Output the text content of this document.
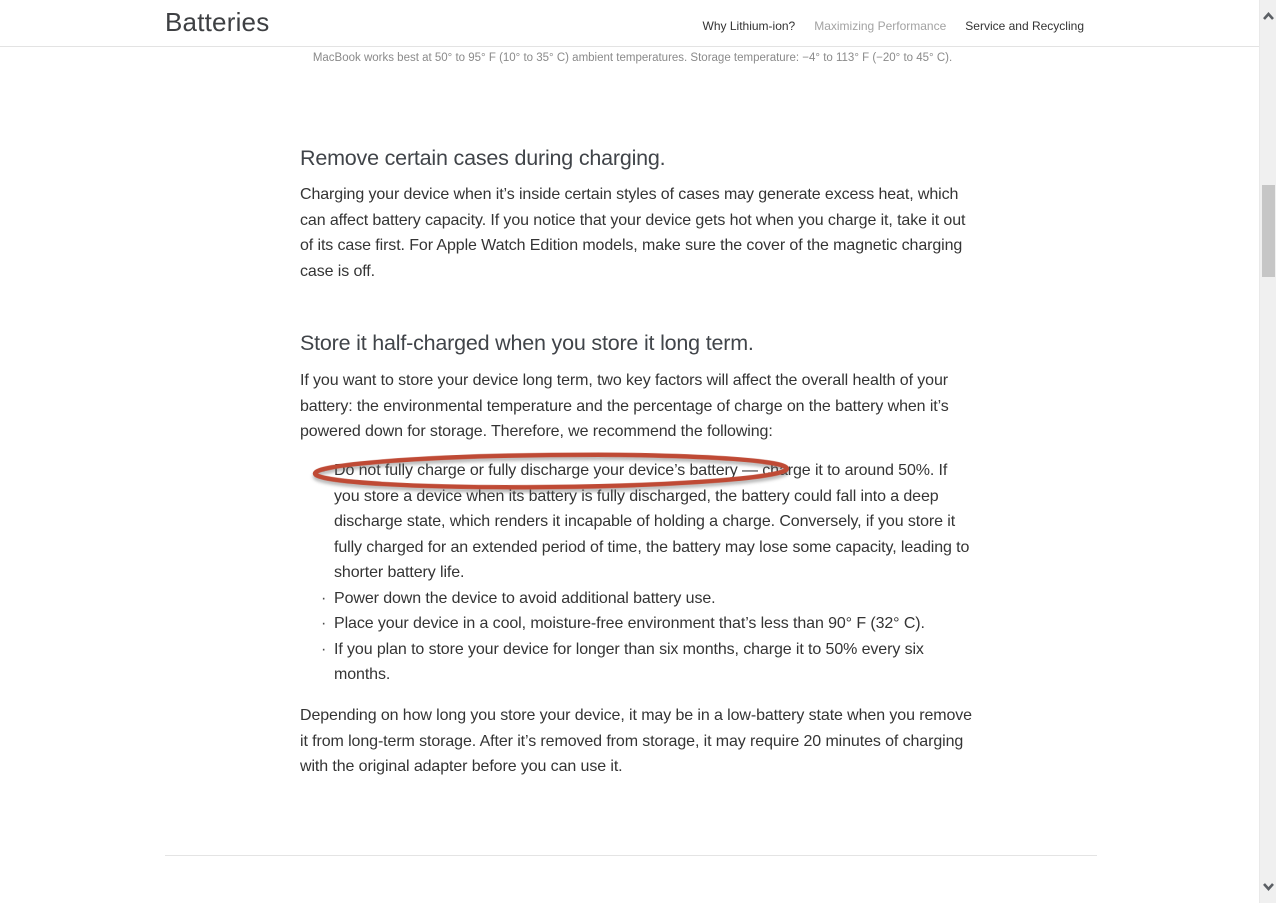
Batteries	Why Lithium-ion? Maximizing Performance Service and Recycling
MacBook works best at 50° to 95° F (10° to 35° C) ambient temperatures. Storage temperature: −4° to 113° F (−20° to 45° C).
Remove certain cases during charging.

Charging your device when it’s inside certain styles of cases may generate excess heat, which can affect battery capacity. If you notice that your device gets hot when you charge it, take it out of its case first. For Apple Watch Edition models, make sure the cover of the magnetic charging case is off.

Store it half-charged when you store it long term.

If you want to store your device long term, two key factors will affect the overall health of your battery: the environmental temperature and the percentage of charge on the battery when it’s powered down for storage. Therefore, we recommend the following:

· Do not fully charge or fully discharge your device’s battery — charge it to around 50%. If you store a device when its battery is fully discharged, the battery could fall into a deep discharge state, which renders it incapable of holding a charge. Conversely, if you store it fully charged for an extended period of time, the battery may lose some capacity, leading to shorter battery life.
· Power down the device to avoid additional battery use.
· Place your device in a cool, moisture-free environment that’s less than 90° F (32° C).
· If you plan to store your device for longer than six months, charge it to 50% every six months.

Depending on how long you store your device, it may be in a low-battery state when you remove it from long-term storage. After it’s removed from storage, it may require 20 minutes of charging with the original adapter before you can use it.
